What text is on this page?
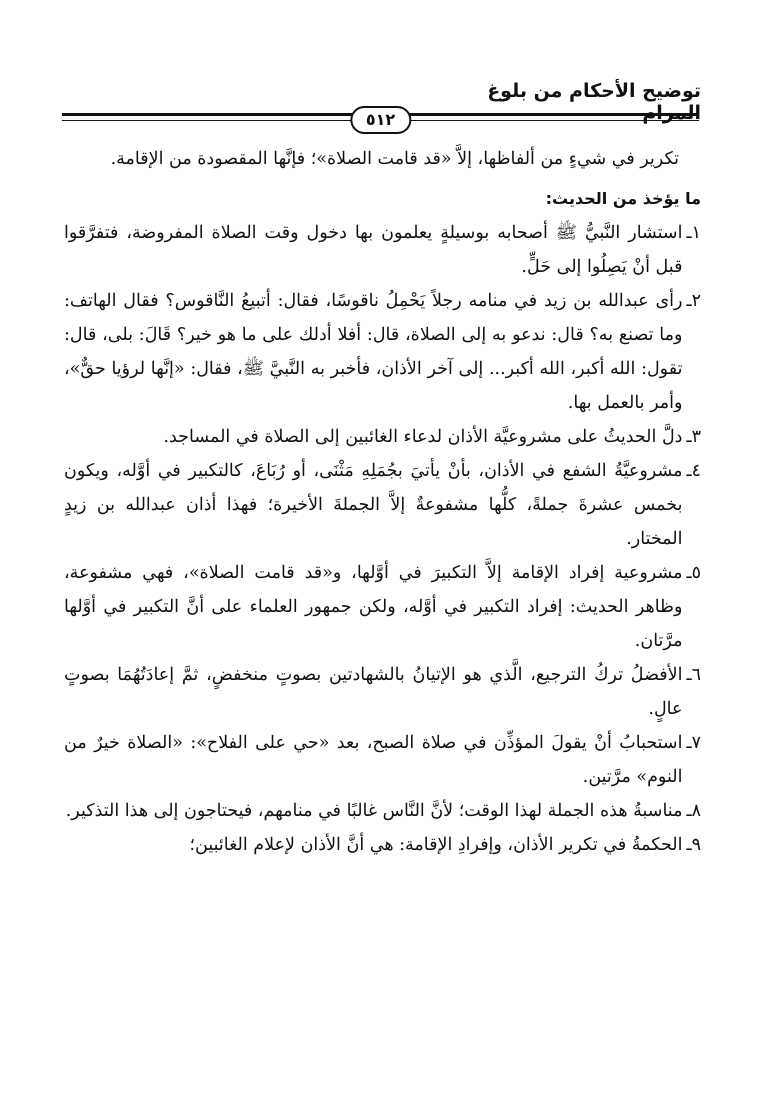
توضيح الأحكام من بلوغ المرام
٥١٢

تكرير في شيءٍ من ألفاظها، إلاَّ «قد قامت الصلاة»؛ فإنَّها المقصودة من الإقامة.

ما يؤخذ من الحديث:

١ـ
استشار النَّبيُّ ﷺ أصحابه بوسيلةٍ يعلمون بها دخول وقت الصلاة المفروضة، فتفرَّقوا قبل أنْ يَصِلُوا إلى حَلٍّ.
٢ـ
رأى عبدالله بن زيد في منامه رجلاً يَحْمِلُ ناقوسًا، فقال: أتبيعُ النَّاقوس؟ فقال الهاتف: وما تصنع به؟ قال: ندعو به إلى الصلاة، قال: أفلا أدلك على ما هو خير؟ قَالَ: بلى، قال: تقول: الله أكبر، الله أكبر... إلى آخر الأذان، فأخبر به النَّبيَّ ﷺ، فقال: «إنَّها لرؤيا حقٌّ»، وأمر بالعمل بها.
٣ـ
دلَّ الحديثُ على مشروعيَّة الأذان لدعاء الغائبين إلى الصلاة في المساجد.
٤ـ
مشروعيَّةُ الشفع في الأذان، بأنْ يأتيَ بجُمَلِهِ مَثْنَى، أو رُبَاعَ، كالتكبير في أوَّله، ويكون بخمس عشرةَ جملةً، كلُّها مشفوعةٌ إلاَّ الجملةَ الأخيرة؛ فهذا أذان عبدالله بن زيدٍ المختار.
٥ـ
مشروعية إفراد الإقامة إلاَّ التكبيرَ في أوَّلها، و«قد قامت الصلاة»، فهي مشفوعة، وظاهر الحديث: إفراد التكبير في أوَّله، ولكن جمهور العلماء على أنَّ التكبير في أوَّلها مرَّتان.
٦ـ
الأفضلُ تركُ الترجيع، الَّذي هو الإتيانُ بالشهادتين بصوتٍ منخفضٍ، ثمَّ إعادَتُهُمَا بصوتٍ عالٍ.
٧ـ
استحبابُ أنْ يقولَ المؤذِّن في صلاة الصبح، بعد «حي على الفلاح»: «الصلاة خيرٌ من النوم» مرَّتين.
٨ـ
مناسبةُ هذه الجملة لهذا الوقت؛ لأنَّ النَّاس غالبًا في منامهم، فيحتاجون إلى هذا التذكير.
٩ـ
الحكمةُ في تكرير الأذان، وإفرادِ الإقامة: هي أنَّ الأذان لإعلام الغائبين؛
